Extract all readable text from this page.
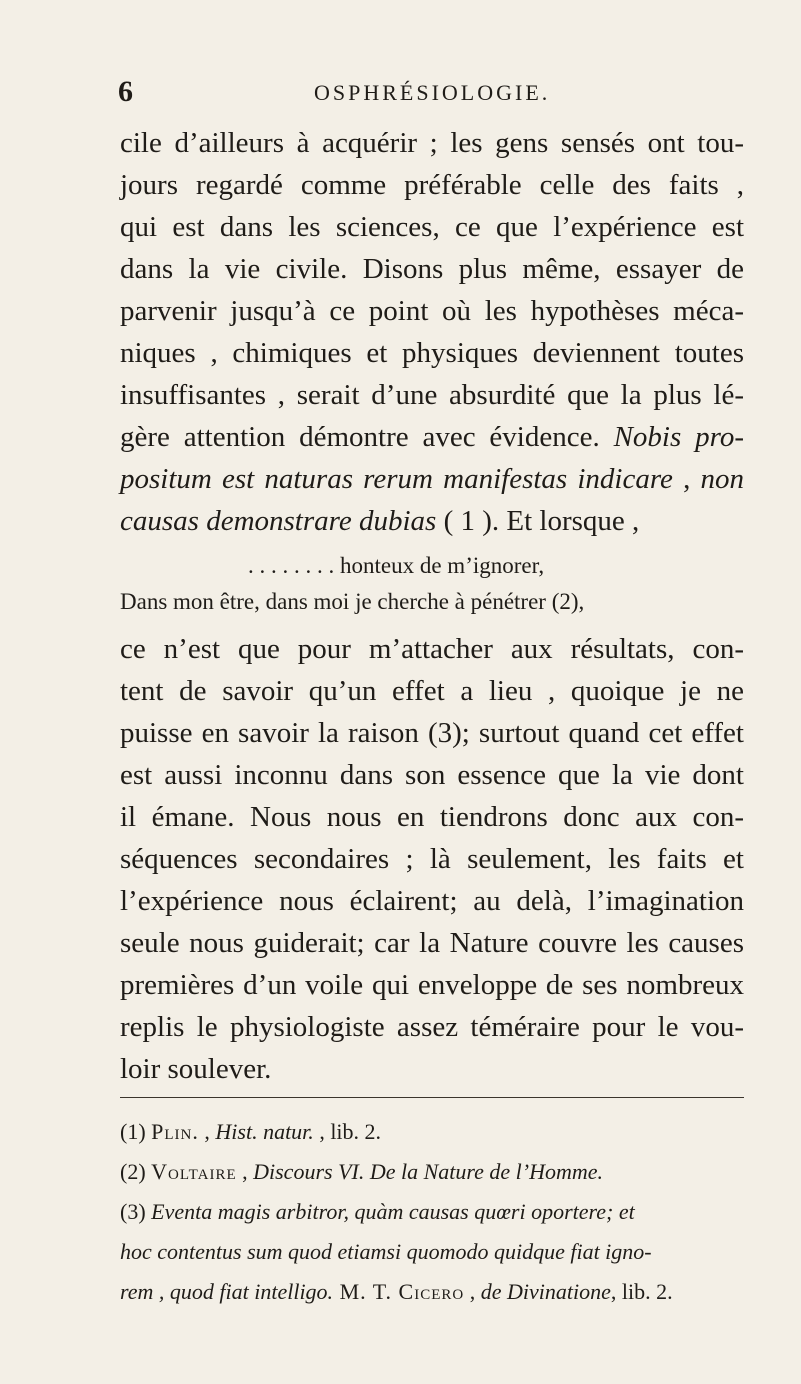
6	OSPHRÉSIOLOGIE.
cile d’ailleurs à acquérir ; les gens sensés ont tou-
jours regardé comme préférable celle des faits ,
qui est dans les sciences, ce que l’expérience est
dans la vie civile. Disons plus même, essayer de
parvenir jusqu’à ce point où les hypothèses méca-
niques , chimiques et physiques deviennent toutes
insuffisantes , serait d’une absurdité que la plus lé-
gère attention démontre avec évidence. Nobis pro-
positum est naturas rerum manifestas indicare , non
causas demonstrare dubias ( 1 ). Et lorsque ,
. . . . . . . . honteux de m’ignorer,
Dans mon être, dans moi je cherche à pénétrer (2),
ce n’est que pour m’attacher aux résultats, con-
tent de savoir qu’un effet a lieu , quoique je ne
puisse en savoir la raison (3); surtout quand cet effet
est aussi inconnu dans son essence que la vie dont
il émane. Nous nous en tiendrons donc aux con-
séquences secondaires ; là seulement, les faits et
l’expérience nous éclairent; au delà, l’imagination
seule nous guiderait; car la Nature couvre les causes
premières d’un voile qui enveloppe de ses nombreux
replis le physiologiste assez téméraire pour le vou-
loir soulever.
(1) Plin. , Hist. natur. , lib. 2.
(2) Voltaire , Discours VI. De la Nature de l’Homme.
(3) Eventa magis arbitror, quàm causas quœri oportere; et
hoc contentus sum quod etiamsi quomodo quidque fiat igno-
rem , quod fiat intelligo. M. T. Cicero , de Divinatione, lib. 2.
